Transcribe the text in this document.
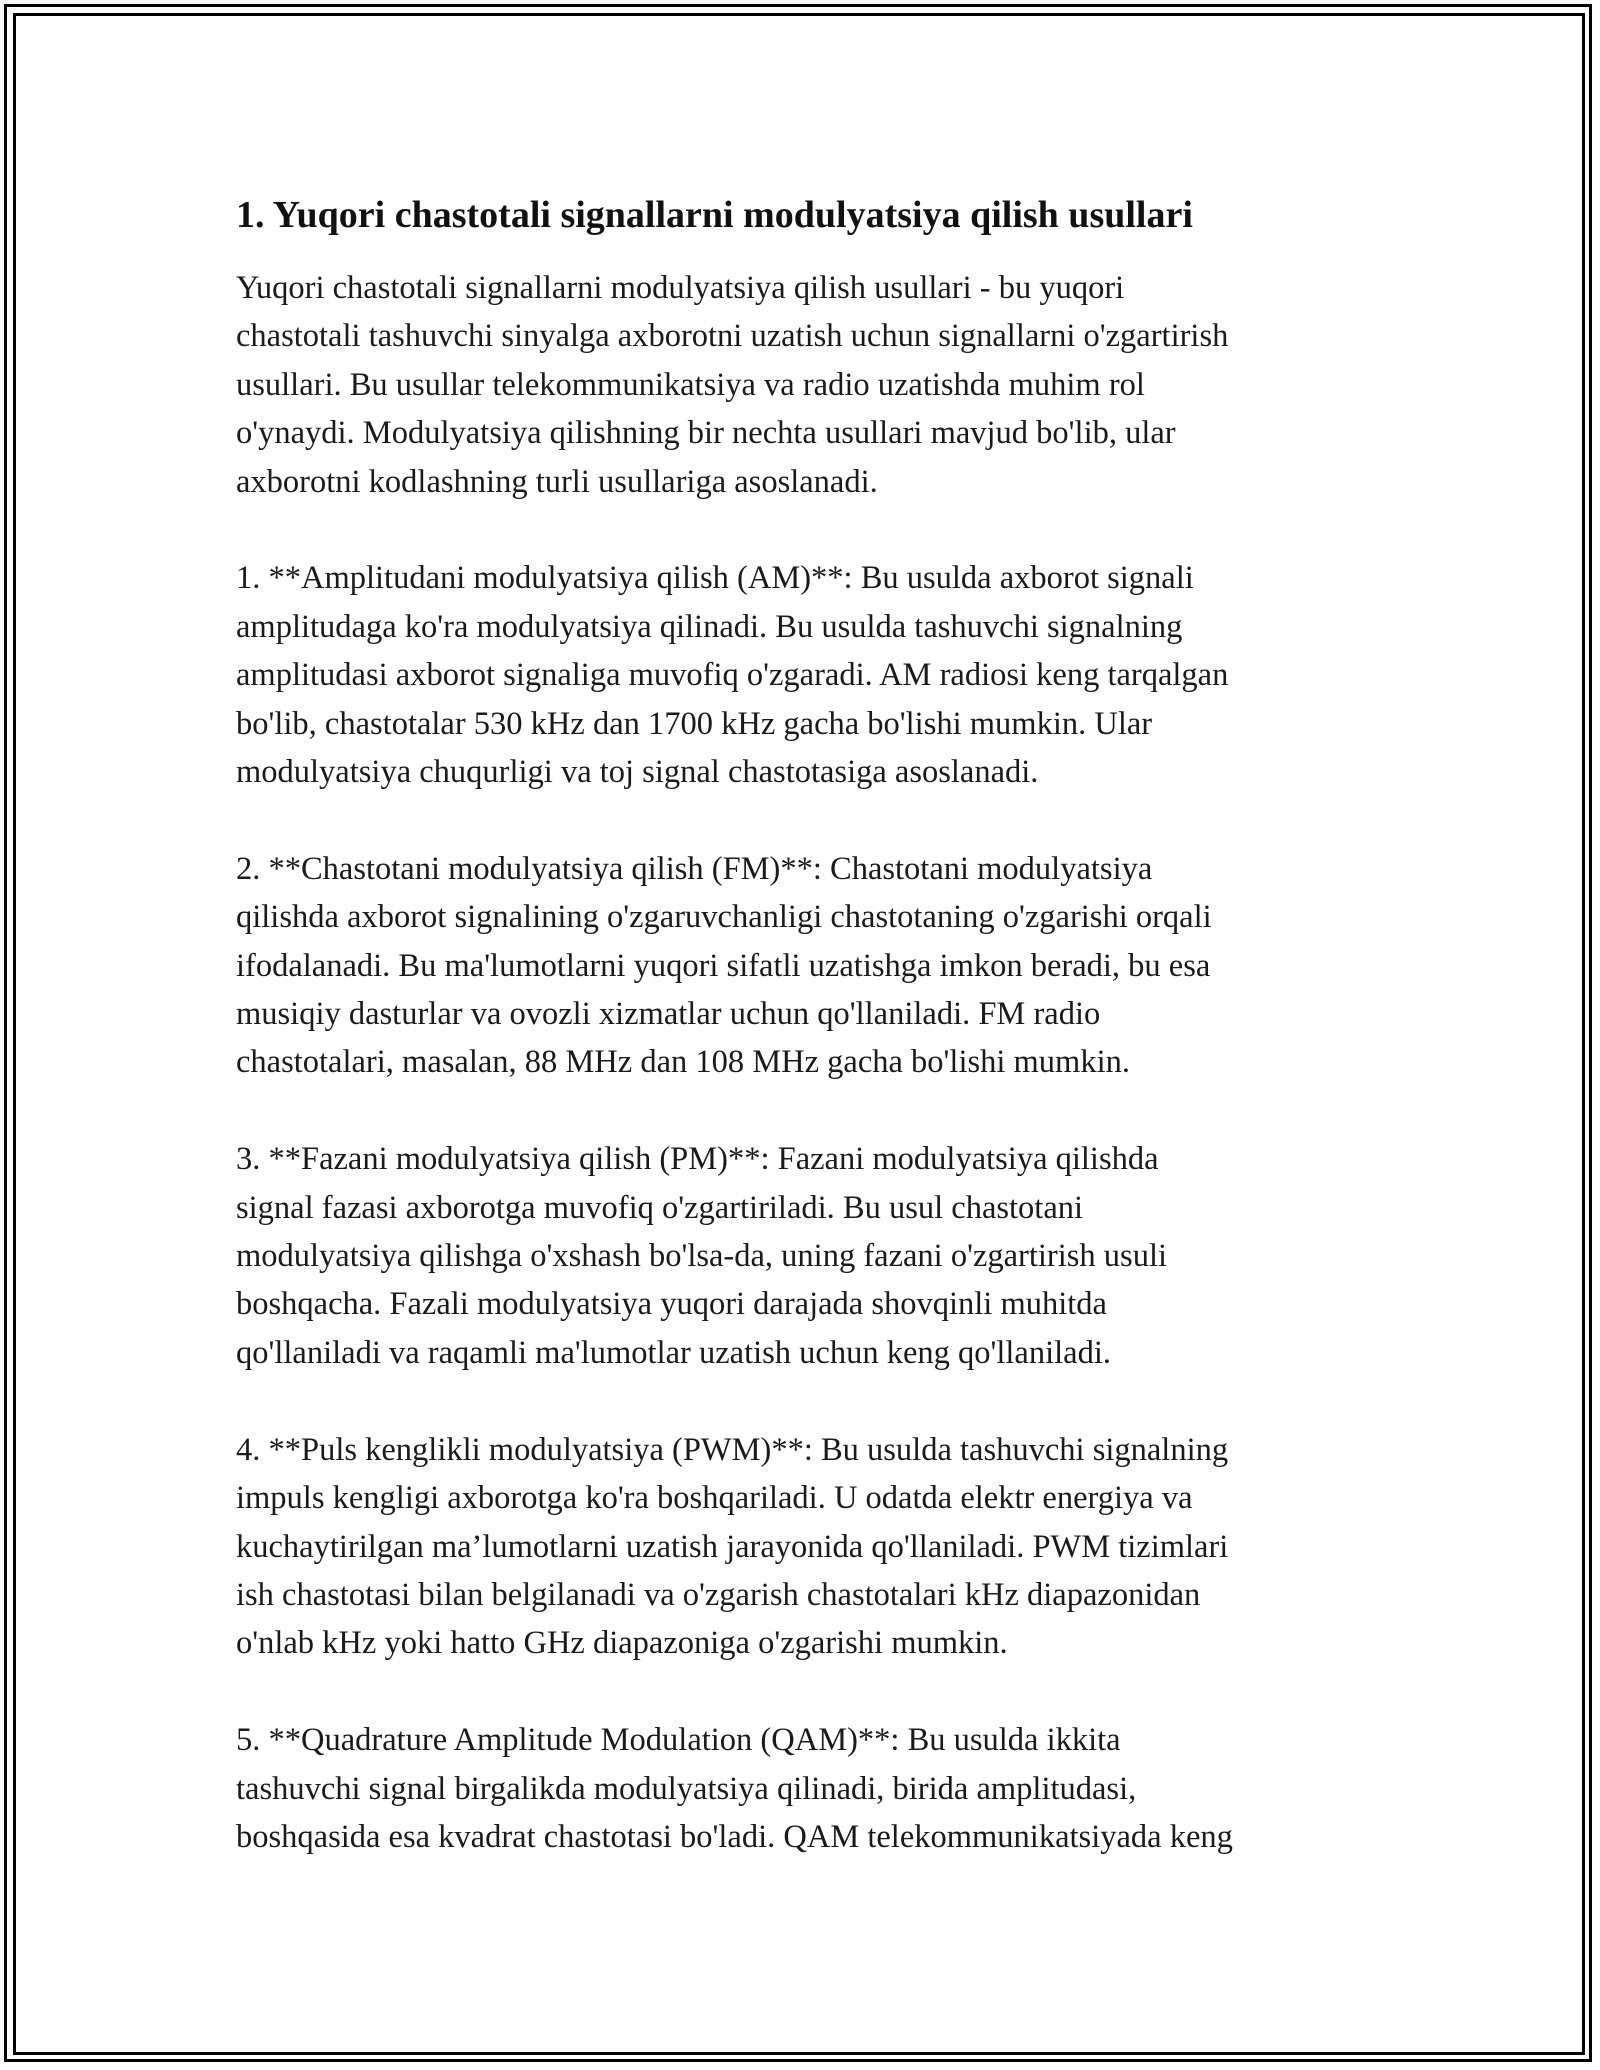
1. Yuqori chastotali signallarni modulyatsiya qilish usullari

Yuqori chastotali signallarni modulyatsiya qilish usullari - bu yuqori
chastotali tashuvchi sinyalga axborotni uzatish uchun signallarni o'zgartirish
usullari. Bu usullar telekommunikatsiya va radio uzatishda muhim rol
o'ynaydi. Modulyatsiya qilishning bir nechta usullari mavjud bo'lib, ular
axborotni kodlashning turli usullariga asoslanadi.

1. **Amplitudani modulyatsiya qilish (AM)**: Bu usulda axborot signali
amplitudaga ko'ra modulyatsiya qilinadi. Bu usulda tashuvchi signalning
amplitudasi axborot signaliga muvofiq o'zgaradi. AM radiosi keng tarqalgan
bo'lib, chastotalar 530 kHz dan 1700 kHz gacha bo'lishi mumkin. Ular
modulyatsiya chuqurligi va toj signal chastotasiga asoslanadi.

2. **Chastotani modulyatsiya qilish (FM)**: Chastotani modulyatsiya
qilishda axborot signalining o'zgaruvchanligi chastotaning o'zgarishi orqali
ifodalanadi. Bu ma'lumotlarni yuqori sifatli uzatishga imkon beradi, bu esa
musiqiy dasturlar va ovozli xizmatlar uchun qo'llaniladi. FM radio
chastotalari, masalan, 88 MHz dan 108 MHz gacha bo'lishi mumkin.

3. **Fazani modulyatsiya qilish (PM)**: Fazani modulyatsiya qilishda
signal fazasi axborotga muvofiq o'zgartiriladi. Bu usul chastotani
modulyatsiya qilishga o'xshash bo'lsa-da, uning fazani o'zgartirish usuli
boshqacha. Fazali modulyatsiya yuqori darajada shovqinli muhitda
qo'llaniladi va raqamli ma'lumotlar uzatish uchun keng qo'llaniladi.

4. **Puls kenglikli modulyatsiya (PWM)**: Bu usulda tashuvchi signalning
impuls kengligi axborotga ko'ra boshqariladi. U odatda elektr energiya va
kuchaytirilgan ma’lumotlarni uzatish jarayonida qo'llaniladi. PWM tizimlari
ish chastotasi bilan belgilanadi va o'zgarish chastotalari kHz diapazonidan
o'nlab kHz yoki hatto GHz diapazoniga o'zgarishi mumkin.

5. **Quadrature Amplitude Modulation (QAM)**: Bu usulda ikkita
tashuvchi signal birgalikda modulyatsiya qilinadi, birida amplitudasi,
boshqasida esa kvadrat chastotasi bo'ladi. QAM telekommunikatsiyada keng
